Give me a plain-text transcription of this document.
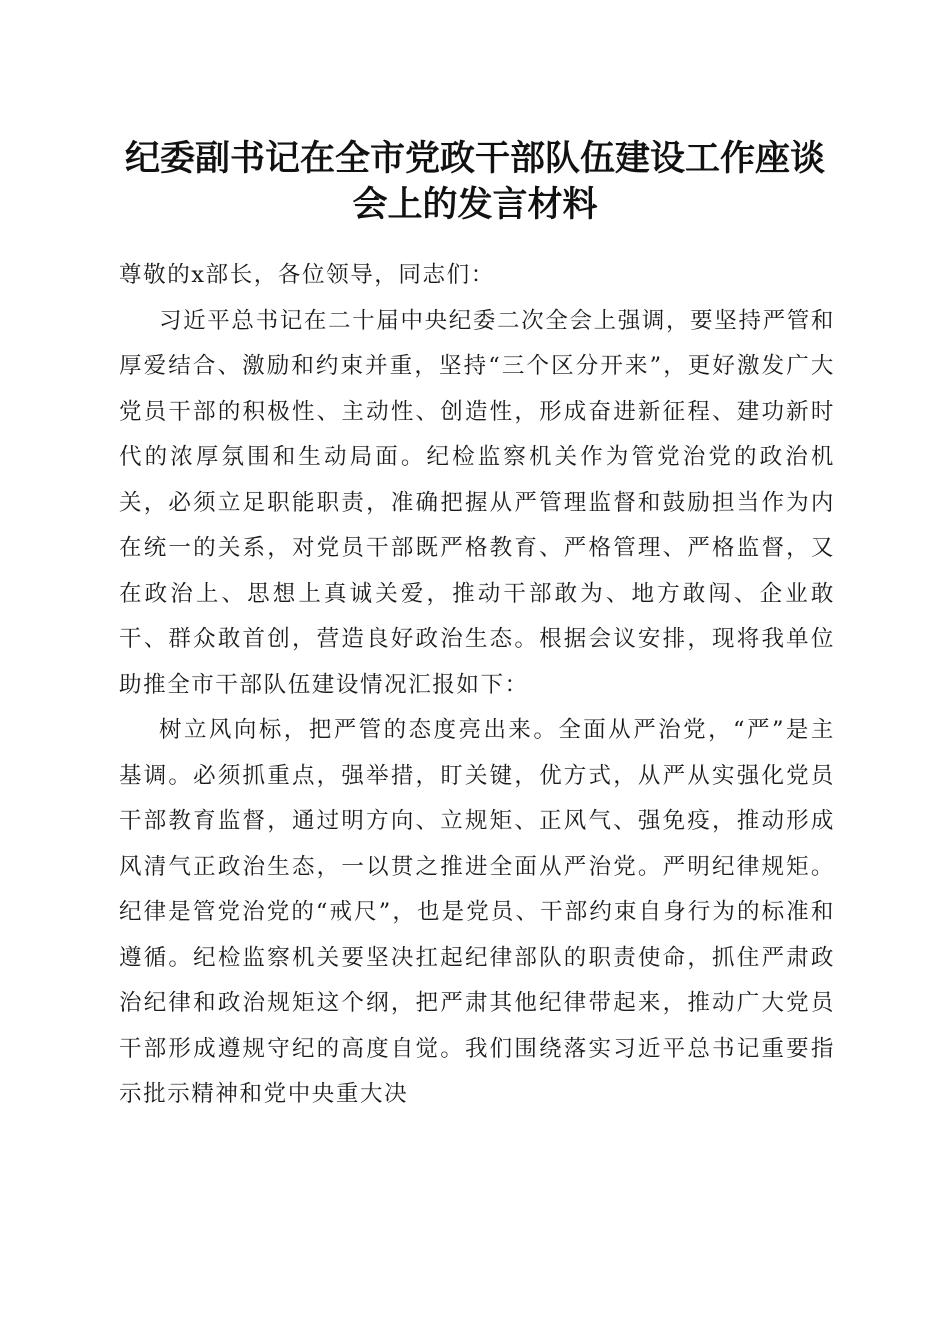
纪委副书记在全市党政干部队伍建设工作座谈
会上的发言材料

尊敬的x部长，各位领导，同志们：

习近平总书记在二十届中央纪委二次全会上强调，要坚持严管和厚爱结合、激励和约束并重，坚持“三个区分开来”，更好激发广大党员干部的积极性、主动性、创造性，形成奋进新征程、建功新时代的浓厚氛围和生动局面。纪检监察机关作为管党治党的政治机关，必须立足职能职责，准确把握从严管理监督和鼓励担当作为内在统一的关系，对党员干部既严格教育、严格管理、严格监督，又在政治上、思想上真诚关爱，推动干部敢为、地方敢闯、企业敢干、群众敢首创，营造良好政治生态。根据会议安排，现将我单位助推全市干部队伍建设情况汇报如下：

树立风向标，把严管的态度亮出来。全面从严治党，“严”是主基调。必须抓重点，强举措，盯关键，优方式，从严从实强化党员干部教育监督，通过明方向、立规矩、正风气、强免疫，推动形成风清气正政治生态，一以贯之推进全面从严治党。严明纪律规矩。纪律是管党治党的“戒尺”，也是党员、干部约束自身行为的标准和遵循。纪检监察机关要坚决扛起纪律部队的职责使命，抓住严肃政治纪律和政治规矩这个纲，把严肃其他纪律带起来，推动广大党员干部形成遵规守纪的高度自觉。我们围绕落实习近平总书记重要指示批示精神和党中央重大决
